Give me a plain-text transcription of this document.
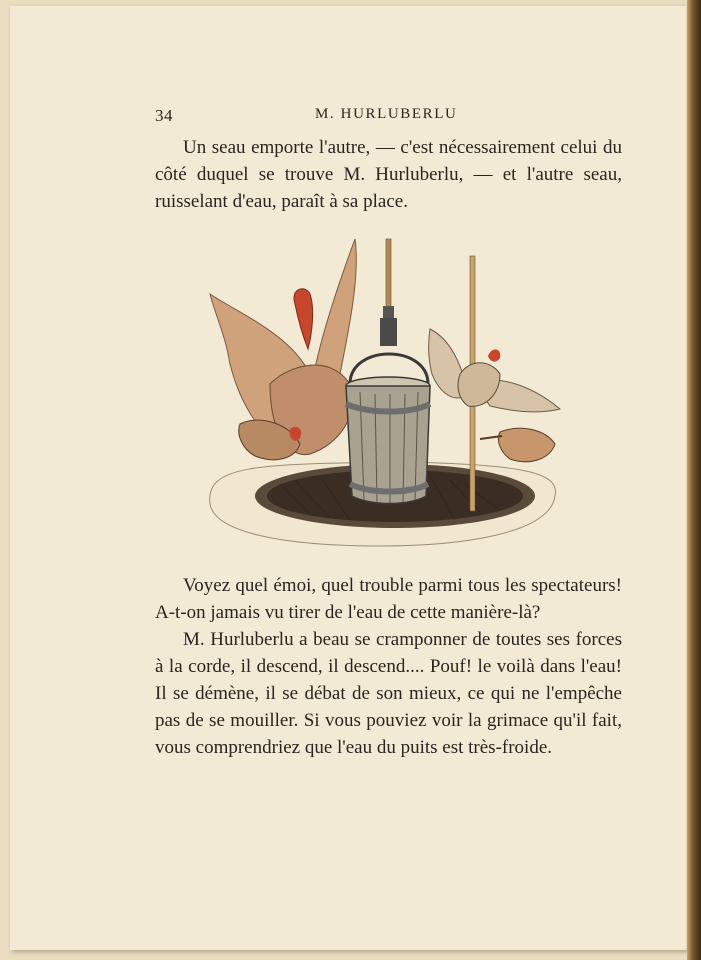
34	M. HURLUBERLU

Un seau emporte l'autre, — c'est nécessairement celui du côté duquel se trouve M. Hurluberlu, — et l'autre seau, ruisselant d'eau, paraît à sa place.

Voyez quel émoi, quel trouble parmi tous les spectateurs! A-t-on jamais vu tirer de l'eau de cette manière-là?

M. Hurluberlu a beau se cramponner de toutes ses forces à la corde, il descend, il descend.... Pouf! le voilà dans l'eau! Il se démène, il se débat de son mieux, ce qui ne l'empêche pas de se mouiller. Si vous pouviez voir la grimace qu'il fait, vous comprendriez que l'eau du puits est très-froide.
